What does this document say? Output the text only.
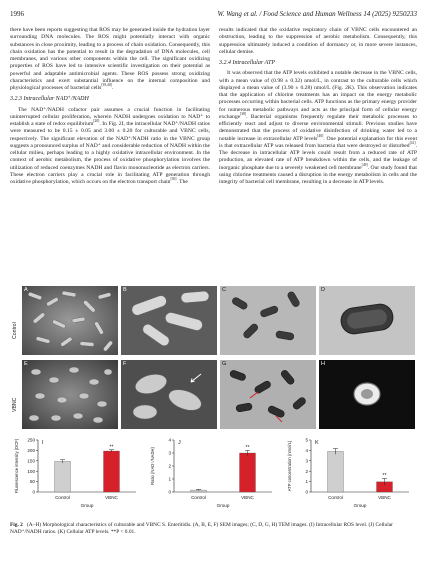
1996	W. Wang et al. / Food Science and Human Wellness 14 (2025) 9250233

there have been reports suggesting that ROS may be generated inside the hydration layer surrounding DNA molecules. The ROS might potentially interact with organic substances in close proximity, leading to a process of chain oxidation. Consequently, this chain oxidation has the potential to result in the degradation of DNA molecules, cell membranes, and various other components within the cell. The significant oxidizing properties of ROS have led to intensive scientific investigation on their potential as powerful and adaptable antimicrobial agents. These ROS possess strong oxidizing characteristics and exert substantial influence on the internal composition and physiological processes of bacterial cells[39,40].

3.2.3 Intracellular NAD⁺/NADH

The NAD⁺/NADH cofactor pair assumes a crucial function in facilitating uninterrupted cellular proliferation, wherein NADH undergoes oxidation to NAD⁺ to establish a state of redox equilibrium[20]. In Fig. 2I, the intracellular NAD⁺/NADH ratios were measured to be 0.15 ± 0.05 and 3.00 ± 0.20 for culturable and VBNC cells, respectively. The significant elevation of the NAD⁺/NADH ratio in the VBNC group suggests a pronounced surplus of NAD⁺ and considerable reduction of NADH within the cellular milieu, perhaps leading to a highly oxidative intracellular environment. In the context of aerobic metabolism, the process of oxidative phosphorylation involves the utilization of reduced coenzymes NADH and flavin mononucleotide as electron carriers. These electron carriers play a crucial role in facilitating ATP generation through oxidative phosphorylation, which occurs on the electron transport chain[30]. The

results indicated that the oxidative respiratory chain of VBNC cells encountered an obstruction, leading to the suppression of aerobic metabolism. Consequently, this suppression ultimately induced a condition of dormancy or, in more severe instances, cellular demise.

3.2.4 Intracellular ATP

It was observed that the ATP levels exhibited a notable decrease in the VBNC cells, with a mean value of (0.98 ± 0.32) nmol/L, in contrast to the culturable cells which displayed a mean value of (3.90 ± 0.28) nmol/L (Fig. 2K). This observation indicates that the application of chlorine treatments has an impact on the energy metabolic processes occurring within bacterial cells. ATP functions as the primary energy provider for numerous metabolic pathways and acts as the principal form of cellular energy exchange[38]. Bacterial organisms frequently regulate their metabolic processes to efficiently react and adjust to diverse environmental stimuli. Previous studies have demonstrated that the process of oxidative disinfection of drinking water led to a notable increase in extracellular ATP levels[40]. One potential explanation for this event is that extracellular ATP was released from bacteria that were destroyed or disturbed[41]. The decrease in intracellular ATP levels could result from a reduced rate of ATP production, an elevated rate of ATP breakdown within the cells, and the leakage of inorganic phosphate due to a severely weakened cell membrane[49]. Our study found that using chlorine treatments caused a disruption in the energy metabolism in cells and the integrity of bacterial cell membrane, resulting in a decrease in ATP levels.

Control
VBNC
A	B	C	D
E	F	G	H
0
50
100
150
200
250 I
Fluorescence intensity (DCF)
Control
**
VBNC
Group
0
1
2
3
4 J
Ratio (NAD⁺/NADH)
Control
**
VBNC
Group
0
1
2
3
4
5 K
ATP concentration (nmol/L)
Control
**
VBNC
Group
Fig. 2 (A–H) Morphological characteristics of culturable and VBNC S. Enteritidis. (A, B, E, F) SEM images; (C, D, G, H) TEM images. (I) Intracellular ROS level. (J) Cellular NAD⁺/NADH ratios. (K) Cellular ATP levels. **P < 0.01.
